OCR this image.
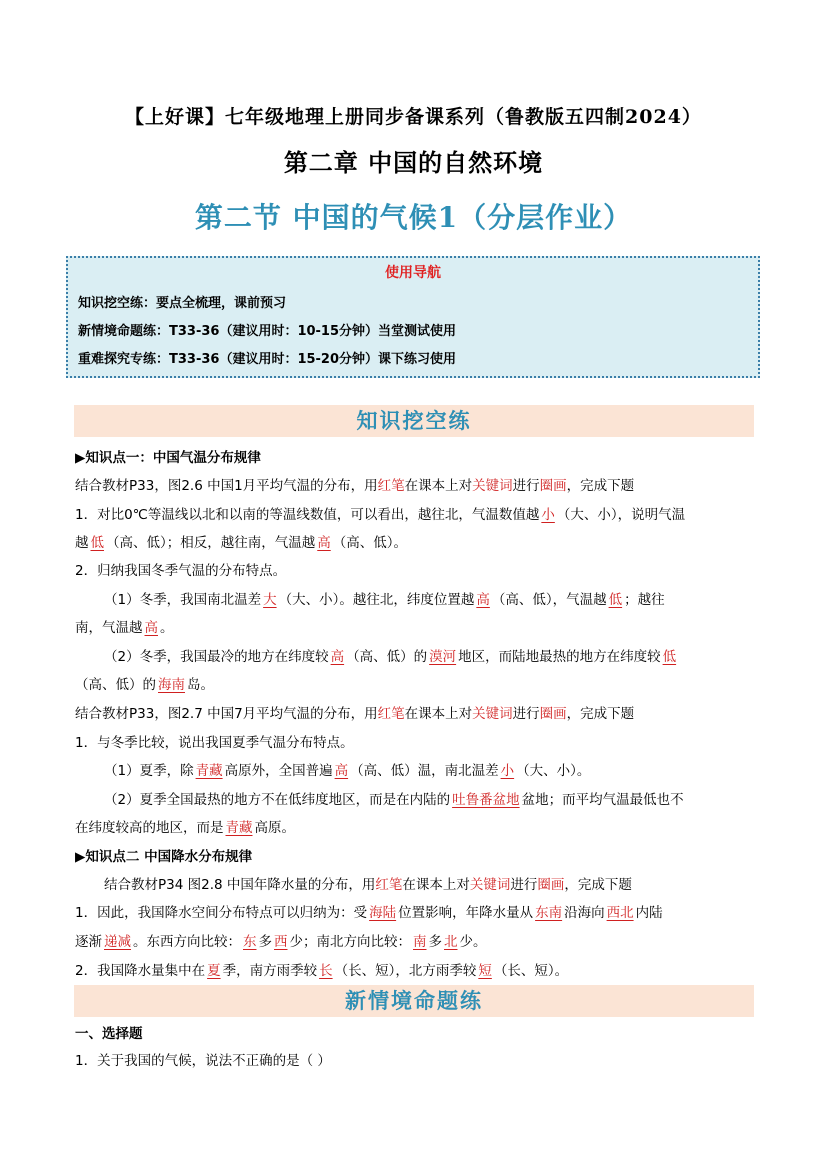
【上好课】七年级地理上册同步备课系列（鲁教版五四制2024）
第二章 中国的自然环境
第二节 中国的气候1（分层作业）
使用导航
知识挖空练：要点全梳理，课前预习
新情境命题练：T33-36（建议用时：10-15分钟）当堂测试使用
重难探究专练：T33-36（建议用时：15-20分钟）课下练习使用
知识挖空练
▶知识点一：中国气温分布规律
结合教材P33，图2.6 中国1月平均气温的分布，用红笔在课本上对关键词进行圈画，完成下题
1．对比0℃等温线以北和以南的等温线数值，可以看出，越往北，气温数值越 小 （大、小），说明气温
越 低 （高、低）；相反，越往南，气温越 高 （高、低）。
2．归纳我国冬季气温的分布特点。
（1）冬季，我国南北温差 大 （大、小）。越往北，纬度位置越 高 （高、低），气温越 低 ；越往
南，气温越 高 。
（2）冬季，我国最冷的地方在纬度较 高 （高、低）的 漠河 地区，而陆地最热的地方在纬度较 低
（高、低）的 海南 岛。
结合教材P33，图2.7 中国7月平均气温的分布，用红笔在课本上对关键词进行圈画，完成下题
1．与冬季比较，说出我国夏季气温分布特点。
（1）夏季，除 青藏 高原外，全国普遍 高 （高、低）温，南北温差 小 （大、小）。
（2）夏季全国最热的地方不在低纬度地区，而是在内陆的 吐鲁番盆地 盆地；而平均气温最低也不
在纬度较高的地区，而是 青藏 高原。
▶知识点二 中国降水分布规律
结合教材P34 图2.8 中国年降水量的分布，用红笔在课本上对关键词进行圈画，完成下题
1．因此，我国降水空间分布特点可以归纳为：受 海陆 位置影响，年降水量从 东南 沿海向 西北 内陆
逐渐 递减 。东西方向比较： 东 多 西 少；南北方向比较： 南 多 北 少。
2．我国降水量集中在 夏 季，南方雨季较 长 （长、短），北方雨季较 短 （长、短）。
新情境命题练
一、选择题
1．关于我国的气候，说法不正确的是（ ）
